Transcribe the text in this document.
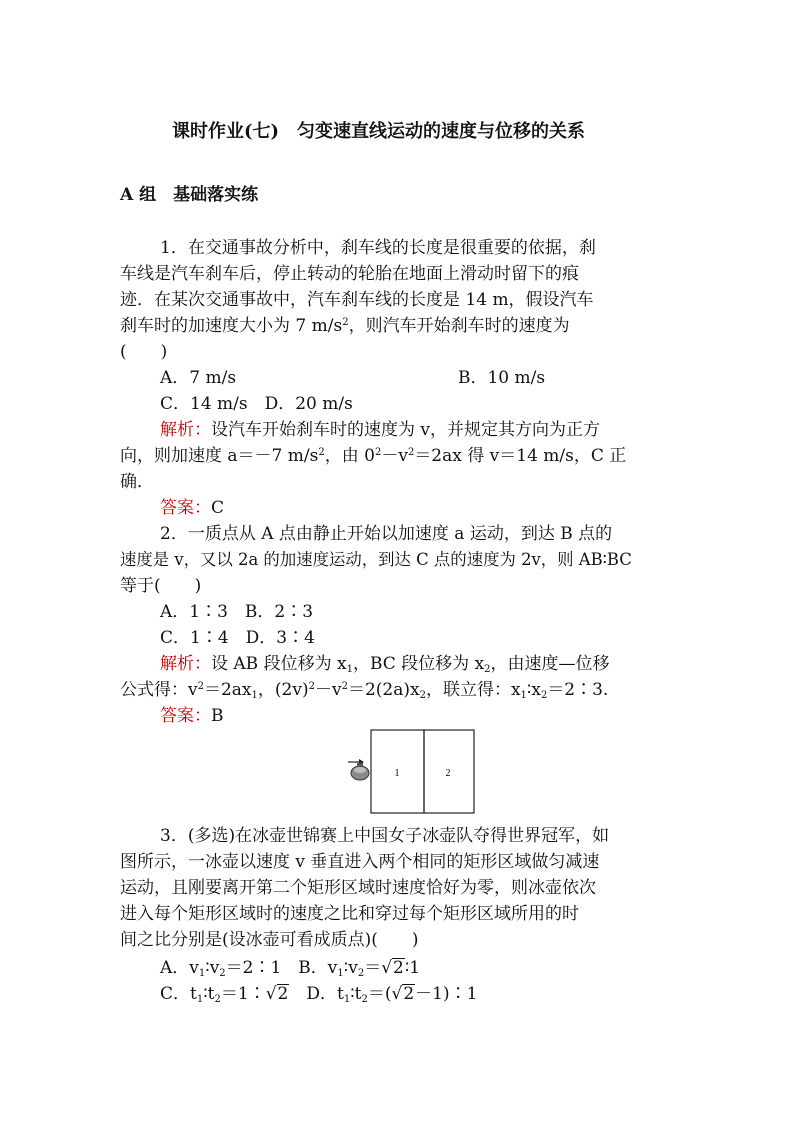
课时作业(七)　匀变速直线运动的速度与位移的关系
A 组　基础落实练
1．在交通事故分析中，刹车线的长度是很重要的依据，刹
车线是汽车刹车后，停止转动的轮胎在地面上滑动时留下的痕
迹．在某次交通事故中，汽车刹车线的长度是 14 m，假设汽车
刹车时的加速度大小为 7 $m/s^2$，则汽车开始刹车时的速度为
(　　)
A．7 m/s	B．10 m/s
C．14 m/s　D．20 m/s
解析：设汽车开始刹车时的速度为 v，并规定其方向为正方
向，则加速度 a＝－7 $m/s^2$，由 $0^2-v^2=2ax$ 得 v＝14 m/s，C 正
确．
答案：C
2．一质点从 A 点由静止开始以加速度 a 运动，到达 B 点的
速度是 v，又以 2a 的加速度运动，到达 C 点的速度为 2v，则 AB∶BC
等于(　　)
A．1∶3　B．2∶3
C．1∶4　D．3∶4
解析：设 AB 段位移为 $x_1$，BC 段位移为 $x_2$，由速度—位移
公式得：$v^2=2ax_1$，$(2v)^2-v^2=2(2a)x_2$，联立得：$x_1∶x_2=2∶3$.
答案：B
1	2
3．(多选)在冰壶世锦赛上中国女子冰壶队夺得世界冠军，如
图所示，一冰壶以速度 v 垂直进入两个相同的矩形区域做匀减速
运动，且刚要离开第二个矩形区域时速度恰好为零，则冰壶依次
进入每个矩形区域时的速度之比和穿过每个矩形区域所用的时
间之比分别是(设冰壶可看成质点)(　　)
A．$v_1∶v_2=2∶1$　B．$v_1∶v_2=√2∶1$
C．$t_1∶t_2=1∶√2$　D．$t_1∶t_2=(√2-1)∶1$
